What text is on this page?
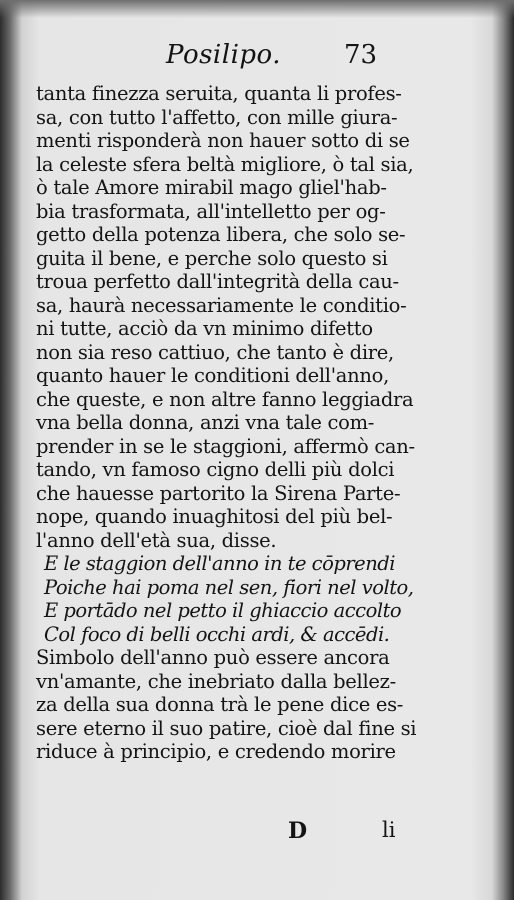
Posilipo. 73
tanta finezza seruita, quanta li profes-
sa, con tutto l'affetto, con mille giura-
menti risponderà non hauer sotto di se
la celeste sfera beltà migliore, ò tal sia,
ò tale Amore mirabil mago gliel'hab-
bia trasformata, all'intelletto per og-
getto della potenza libera, che solo se-
guita il bene, e perche solo questo si
troua perfetto dall'integrità della cau-
sa, haurà necessariamente le conditio-
ni tutte, acciò da vn minimo difetto
non sia reso cattiuo, che tanto è dire,
quanto hauer le conditioni dell'anno,
che queste, e non altre fanno leggiadra
vna bella donna, anzi vna tale com-
prender in se le staggioni, affermò can-
tando, vn famoso cigno delli più dolci
che hauesse partorito la Sirena Parte-
nope, quando inuaghitosi del più bel-
l'anno dell'età sua, disse.
E le staggion dell'anno in te cōprendi
Poiche hai poma nel sen, fiori nel volto,
E portādo nel petto il ghiaccio accolto
Col foco di belli occhi ardi, & accēdi.
Simbolo dell'anno può essere ancora
vn'amante, che inebriato dalla bellez-
za della sua donna trà le pene dice es-
sere eterno il suo patire, cioè dal fine si
riduce à principio, e credendo morire
D	li
